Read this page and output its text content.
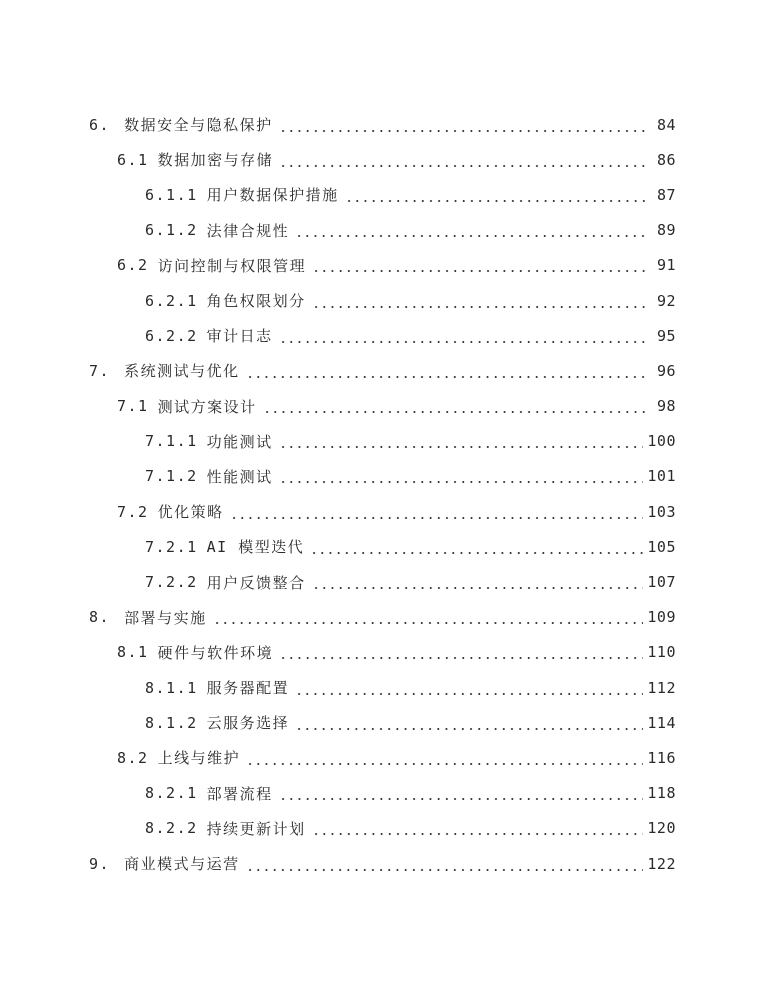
6. 数据安全与隐私保护	84
6.1 数据加密与存储	86
6.1.1 用户数据保护措施	87
6.1.2 法律合规性	89
6.2 访问控制与权限管理	91
6.2.1 角色权限划分	92
6.2.2 审计日志	95
7. 系统测试与优化	96
7.1 测试方案设计	98
7.1.1 功能测试	100
7.1.2 性能测试	101
7.2 优化策略	103
7.2.1 AI 模型迭代	105
7.2.2 用户反馈整合	107
8. 部署与实施	109
8.1 硬件与软件环境	110
8.1.1 服务器配置	112
8.1.2 云服务选择	114
8.2 上线与维护	116
8.2.1 部署流程	118
8.2.2 持续更新计划	120
9. 商业模式与运营	122
